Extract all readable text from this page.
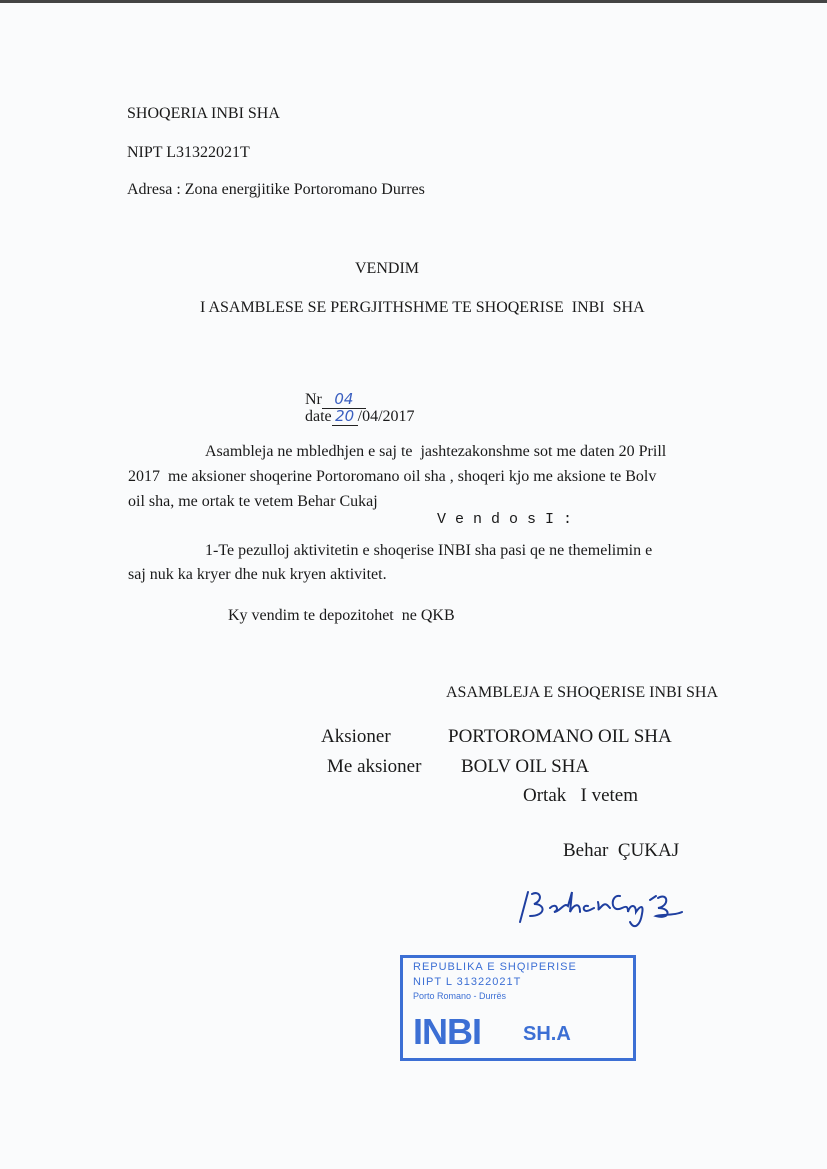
SHOQERIA INBI SHA
NIPT L31322021T
Adresa : Zona energjitike Portoromano Durres
VENDIM
I ASAMBLESE SE PERGJITHSHME TE SHOQERISE  INBI  SHA

Nr 04
date 20 /04/2017

Asambleja ne mbledhjen e saj te  jashtezakonshme sot me daten 20 Prill
2017  me aksioner shoqerine Portoromano oil sha , shoqeri kjo me aksione te Bolv
oil sha, me ortak te vetem Behar Cukaj
V e n d o s I :
1-Te pezulloj aktivitetin e shoqerise INBI sha pasi qe ne themelimin e
saj nuk ka kryer dhe nuk kryen aktivitet.
Ky vendim te depozitohet  ne QKB
ASAMBLEJA E SHOQERISE INBI SHA
Aksioner	PORTOROMANO OIL SHA
Me aksioner BOLV OIL SHA
Ortak   I vetem
Behar  ÇUKAJ
REPUBLIKA E SHQIPERISE
NIPT L 31322021T
Porto Romano - Durrës
INBI SH.A
